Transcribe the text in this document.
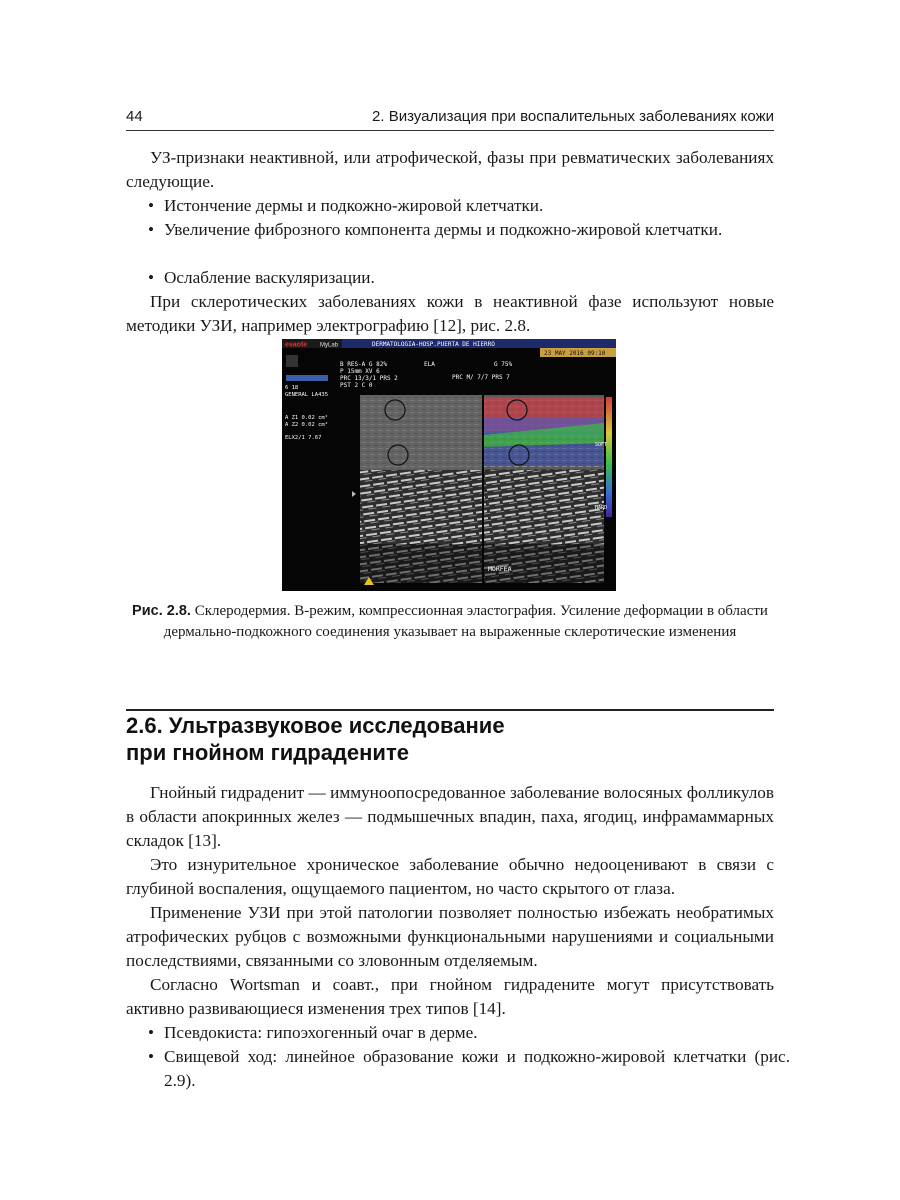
44	2. Визуализация при воспалительных заболеваниях кожи

УЗ-признаки неактивной, или атрофической, фазы при ревматических заболеваниях следующие.

• Истончение дермы и подкожно-жировой клетчатки.

• Увеличение фиброзного компонента дермы и подкожно-жировой клетчатки.

• Ослабление васкуляризации.

При склеротических заболеваниях кожи в неактивной фазе используют новые методики УЗИ, например электрографию [12], рис. 2.8.

esaote MyLab	DERMATOLOGIA-HOSP.PUERTA DE HIERRO
23 MAY 2016 09:10
B RES-A G 82%
P 15mm XV 6
PRC 13/3/1 PRS 2
PST 2 C 0
ELA	G 75%
PRC M/ 7/7 PRS 7
6 18
GENERAL LA435
A Z1 0.02 cm²
A Z2 0.02 cm²
ELX2/1 7.67
SOFT
HARD
MORFEA

Рис. 2.8. Склеродермия. В-режим, компрессионная эластография. Усиление деформации в области дермально-подкожного соединения указывает на выраженные склеротические изменения

2.6. Ультразвуковое исследование
при гнойном гидрадените

Гнойный гидраденит — иммуноопосредованное заболевание волосяных фолликулов в области апокринных желез — подмышечных впадин, паха, ягодиц, инфрамаммарных складок [13].

Это изнурительное хроническое заболевание обычно недооценивают в связи с глубиной воспаления, ощущаемого пациентом, но часто скрытого от глаза.

Применение УЗИ при этой патологии позволяет полностью избежать необратимых атрофических рубцов с возможными функциональными нарушениями и социальными последствиями, связанными со зловонным отделяемым.

Согласно Wortsman и соавт., при гнойном гидрадените могут присутствовать активно развивающиеся изменения трех типов [14].

• Псевдокиста: гипоэхогенный очаг в дерме.

• Свищевой ход: линейное образование кожи и подкожно-жировой клетчатки (рис. 2.9).
